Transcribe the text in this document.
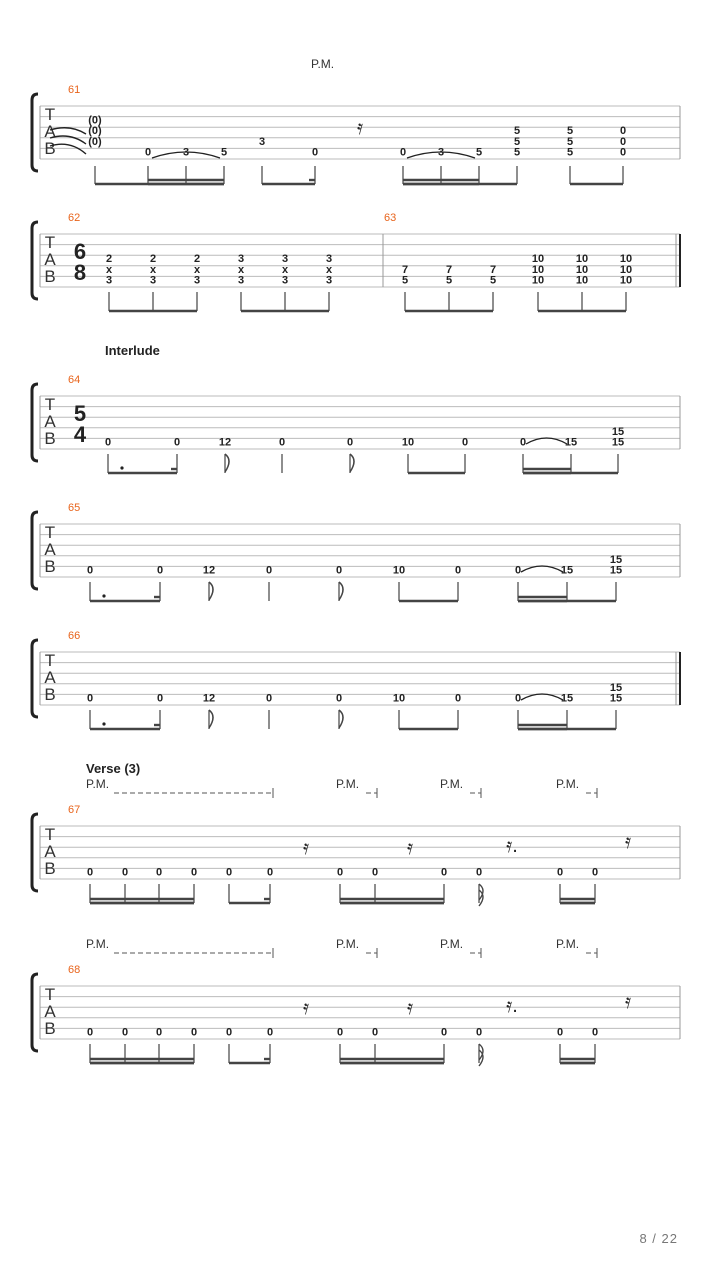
P.M.
T
A
B
61
(0)
(0)
(0)
0	3	5
3
0	0	3	5
5
5
5
5
5
5
0
0
0
𝄿
T
A
B
62	63
6
8
2
x
3
2
x
3
2
x
3
3
x
3
3
x
3
3
x
3
7
5
7
5
7
5
10
10
10
10
10
10
10
10
10
T
A
B
64
5
4 0	0	12	0	0	10	0	0	15
15
15
T
A
B
65
0	0	12	0	0	10	0	0	15
15
15
T
A
B
66
0	0	12	0	0	10	0	0	15
15
15
T
A
B
67
0	0	0	0	0	0	0	0	0	0	0	0
𝄿	𝄿	𝄿.	𝄿
T
A
B
68
0	0	0	0	0	0	0	0	0	0	0	0
𝄿	𝄿	𝄿.	𝄿
Interlude
Verse (3)
P.M.	P.M.	P.M.	P.M.
P.M.	P.M.	P.M.	P.M.
8 / 22
